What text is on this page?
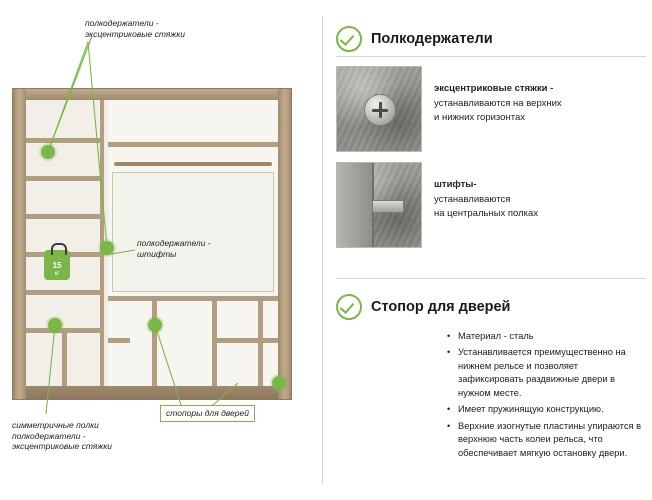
15
кг
полкодержатели -
эксцентриковые стяжки
полкодержатели -
штифты
стопоры для дверей
симметричные полки
полкодержатели -
эксцентриковые стяжки
Полкодержатели
эксцентриковые стяжки -
устанавливаются на верхних
и нижних горизонтах
штифты-
устанавливаются
на центральных полках
Стопор для дверей
• Материал - сталь
• Устанавливается преимущественно на нижнем рельсе и позволяет зафиксировать раздвижные двери в нужном месте.
• Имеет пружинящую конструкцию.
• Верхние изогнутые пластины упираются в верхнюю часть колеи рельса, что обеспечивает мягкую остановку двери.
